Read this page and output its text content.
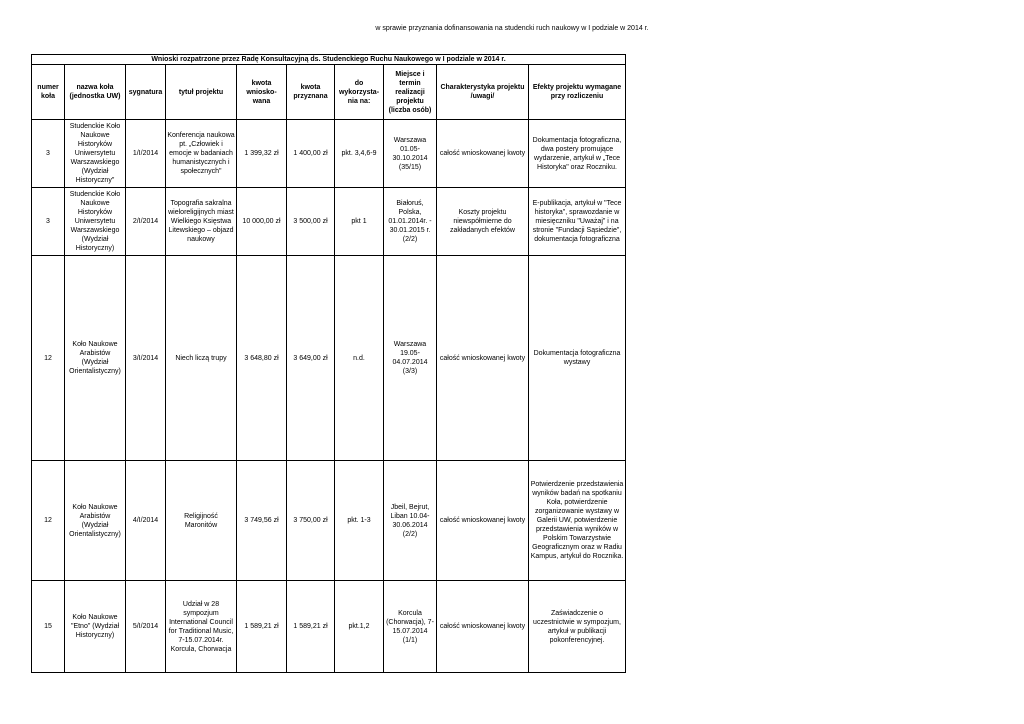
w sprawie przyznania dofinansowania na studencki ruch naukowy w I podziale w 2014 r.
Wnioski rozpatrzone przez Radę Konsultacyjną ds. Studenckiego Ruchu Naukowego w I podziale w 2014 r.									
numer koła	nazwa koła (jednostka UW)	sygnatura	tytuł projektu	kwota wniosko-wana	kwota przyznana	do wykorzysta-nia na:	Miejsce i termin realizacji projektu (liczba osób)	Charakterystyka projektu /uwagi/	Efekty projektu wymagane przy rozliczeniu
3	Studenckie Koło Naukowe Historyków Uniwersytetu Warszawskiego (Wydział Historyczny"	1/I/2014	Konferencja naukowa pt. „Człowiek i emocje w badaniach humanistycznych i społecznych"	1 399,32 zł	1 400,00 zł	pkt. 3,4,6-9	Warszawa 01.05-30.10.2014 (35/15)	całość wnioskowanej kwoty	Dokumentacja fotograficzna, dwa postery promujące wydarzenie, artykuł w „Tece Historyka" oraz Roczniku.
3	Studenckie Koło Naukowe Historyków Uniwersytetu Warszawskiego (Wydział Historyczny)	2/I/2014	Topografia sakralna wieloreligijnych miast Wielkiego Księstwa Litewskiego – objazd naukowy	10 000,00 zł	3 500,00 zł	pkt 1	Białoruś, Polska, 01.01.2014r. - 30.01.2015 r. (2/2)	Koszty projektu niewspółmierne do zakładanych efektów	E-publikacja, artykuł w "Tece historyka", sprawozdanie w miesięczniku "Uważaj" i na stronie "Fundacji Sąsiedzie", dokumentacja fotograficzna
12	Koło Naukowe Arabistów (Wydział Orientalistyczny)	3/I/2014	Niech liczą trupy	3 648,80 zł	3 649,00 zł	n.d.	Warszawa 19.05-04.07.2014 (3/3)	całość wnioskowanej kwoty	Dokumentacja fotograficzna wystawy
12	Koło Naukowe Arabistów (Wydział Orientalistyczny)	4/I/2014	Religijność Maronitów	3 749,56 zł	3 750,00 zł	pkt. 1-3	Jbeil, Bejrut, Liban 10.04-30.06.2014 (2/2)	całość wnioskowanej kwoty	Potwierdzenie przedstawienia wyników badań na spotkaniu Koła, potwierdzenie zorganizowanie wystawy w Galerii UW, potwierdzenie przedstawienia wyników w Polskim Towarzystwie Geograficznym oraz w Radiu Kampus, artykuł do Rocznika.
15	Koło Naukowe "Etno" (Wydział Historyczny)	5/I/2014	Udział w 28 sympozjum International Council for Traditional Music, 7-15.07.2014r. Korcula, Chorwacja	1 589,21 zł	1 589,21 zł	pkt.1,2	Korcula (Chorwacja), 7-15.07.2014 (1/1)	całość wnioskowanej kwoty	Zaświadczenie o uczestnictwie w sympozjum, artykuł w publikacji pokonferencyjnej.
